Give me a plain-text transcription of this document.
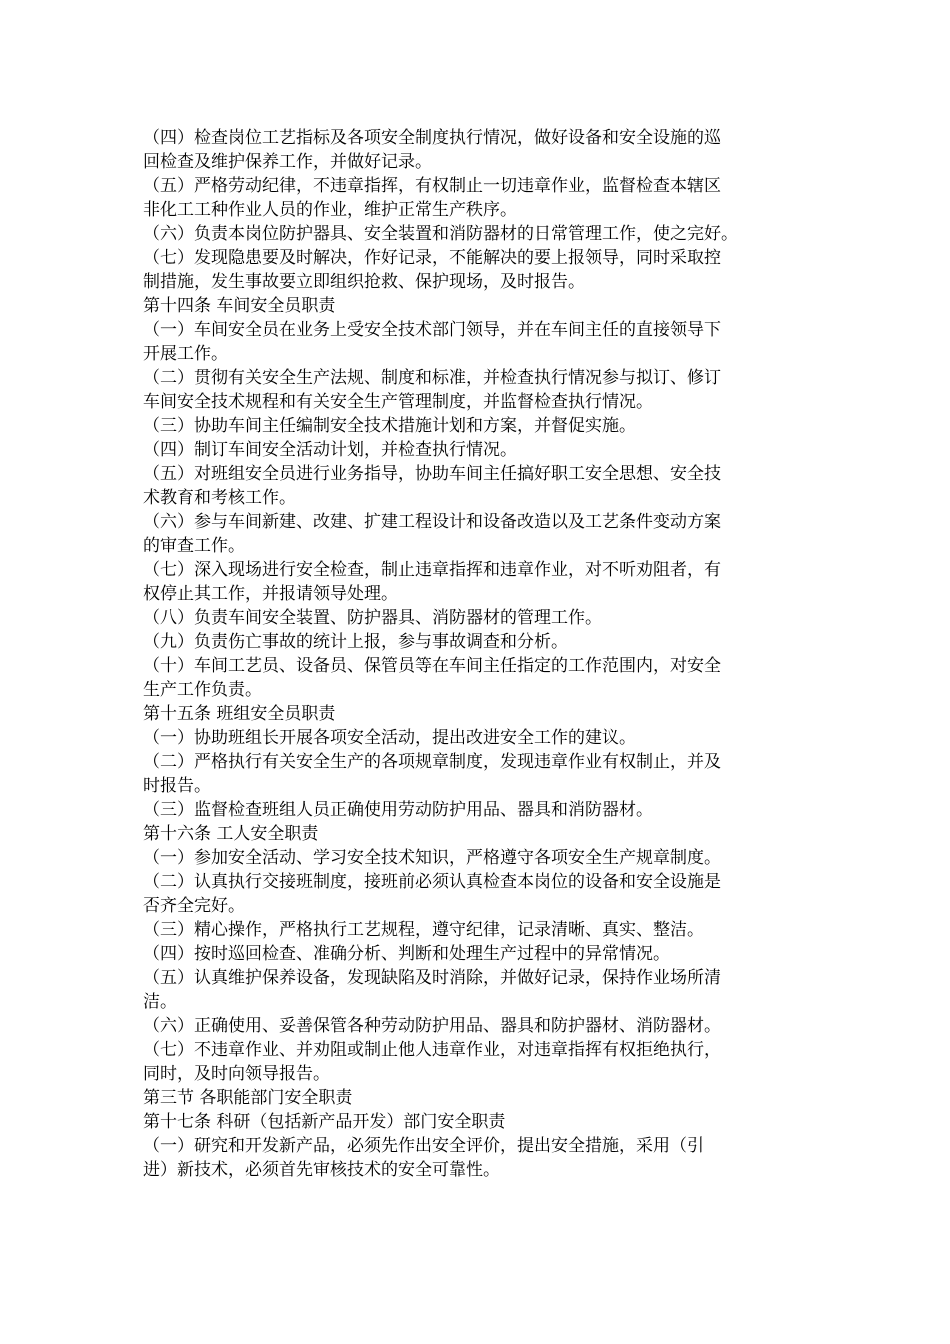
（四）检查岗位工艺指标及各项安全制度执行情况，做好设备和安全设施的巡
回检查及维护保养工作，并做好记录。
（五）严格劳动纪律，不违章指挥，有权制止一切违章作业，监督检查本辖区
非化工工种作业人员的作业，维护正常生产秩序。
（六）负责本岗位防护器具、安全装置和消防器材的日常管理工作，使之完好。
（七）发现隐患要及时解决，作好记录，不能解决的要上报领导，同时采取控
制措施，发生事故要立即组织抢救、保护现场，及时报告。
第十四条 车间安全员职责
（一）车间安全员在业务上受安全技术部门领导，并在车间主任的直接领导下
开展工作。
（二）贯彻有关安全生产法规、制度和标准，并检查执行情况参与拟订、修订
车间安全技术规程和有关安全生产管理制度，并监督检查执行情况。
（三）协助车间主任编制安全技术措施计划和方案，并督促实施。
（四）制订车间安全活动计划，并检查执行情况。
（五）对班组安全员进行业务指导，协助车间主任搞好职工安全思想、安全技
术教育和考核工作。
（六）参与车间新建、改建、扩建工程设计和设备改造以及工艺条件变动方案
的审查工作。
（七）深入现场进行安全检查，制止违章指挥和违章作业，对不听劝阻者，有
权停止其工作，并报请领导处理。
（八）负责车间安全装置、防护器具、消防器材的管理工作。
（九）负责伤亡事故的统计上报，参与事故调查和分析。
（十）车间工艺员、设备员、保管员等在车间主任指定的工作范围内，对安全
生产工作负责。
第十五条 班组安全员职责
（一）协助班组长开展各项安全活动，提出改进安全工作的建议。
（二）严格执行有关安全生产的各项规章制度，发现违章作业有权制止，并及
时报告。
（三）监督检查班组人员正确使用劳动防护用品、器具和消防器材。
第十六条 工人安全职责
（一）参加安全活动、学习安全技术知识，严格遵守各项安全生产规章制度。
（二）认真执行交接班制度，接班前必须认真检查本岗位的设备和安全设施是
否齐全完好。
（三）精心操作，严格执行工艺规程，遵守纪律，记录清晰、真实、整洁。
（四）按时巡回检查、准确分析、判断和处理生产过程中的异常情况。
（五）认真维护保养设备，发现缺陷及时消除，并做好记录，保持作业场所清
洁。
（六）正确使用、妥善保管各种劳动防护用品、器具和防护器材、消防器材。
（七）不违章作业、并劝阻或制止他人违章作业，对违章指挥有权拒绝执行，
同时，及时向领导报告。
第三节 各职能部门安全职责
第十七条 科研（包括新产品开发）部门安全职责
（一）研究和开发新产品，必须先作出安全评价，提出安全措施，采用（引
进）新技术，必须首先审核技术的安全可靠性。
